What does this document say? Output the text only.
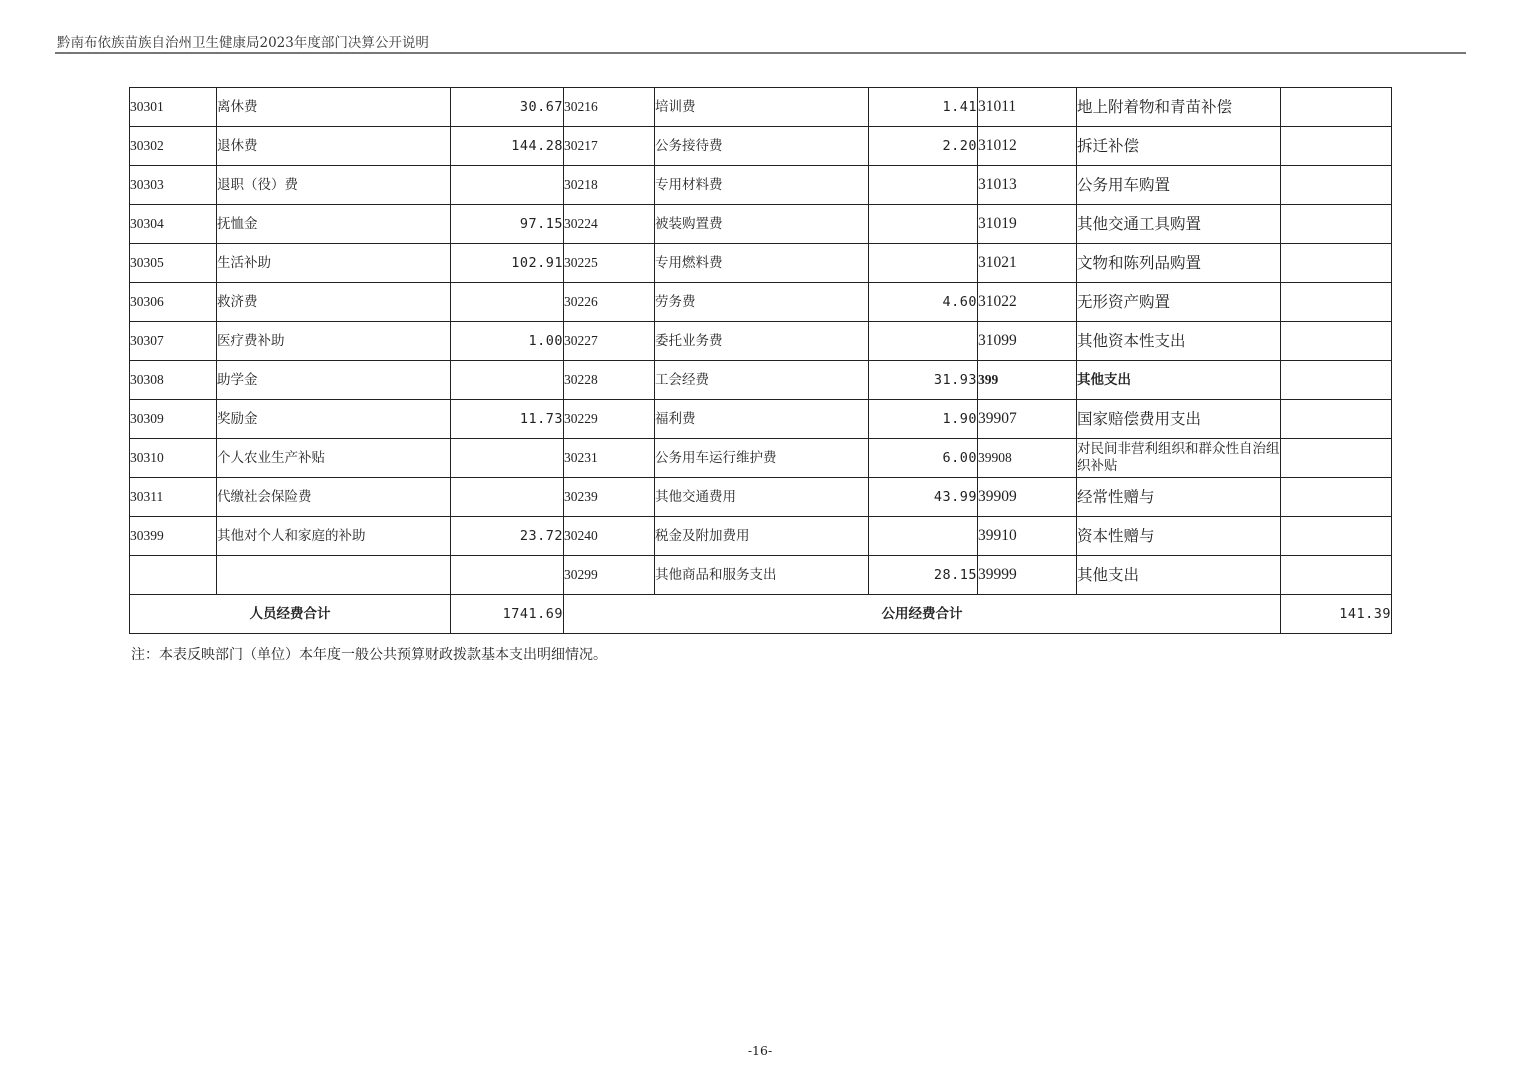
黔南布依族苗族自治州卫生健康局2023年度部门决算公开说明
30301	离休费	30.67	30216	培训费	1.41	31011	地上附着物和青苗补偿	
30302	退休费	144.28	30217	公务接待费	2.20	31012	拆迁补偿	
30303	退职（役）费		30218	专用材料费		31013	公务用车购置	
30304	抚恤金	97.15	30224	被装购置费		31019	其他交通工具购置	
30305	生活补助	102.91	30225	专用燃料费		31021	文物和陈列品购置	
30306	救济费		30226	劳务费	4.60	31022	无形资产购置	
30307	医疗费补助	1.00	30227	委托业务费		31099	其他资本性支出	
30308	助学金		30228	工会经费	31.93	399	其他支出	
30309	奖励金	11.73	30229	福利费	1.90	39907	国家赔偿费用支出	
30310	个人农业生产补贴		30231	公务用车运行维护费	6.00	39908	对民间非营利组织和群众性自治组织补贴	
30311	代缴社会保险费		30239	其他交通费用	43.99	39909	经常性赠与	
30399	其他对个人和家庭的补助	23.72	30240	税金及附加费用		39910	资本性赠与	
			30299	其他商品和服务支出	28.15	39999	其他支出	
人员经费合计		1741.69	公用经费合计					141.39
注：本表反映部门（单位）本年度一般公共预算财政拨款基本支出明细情况。
-16-
